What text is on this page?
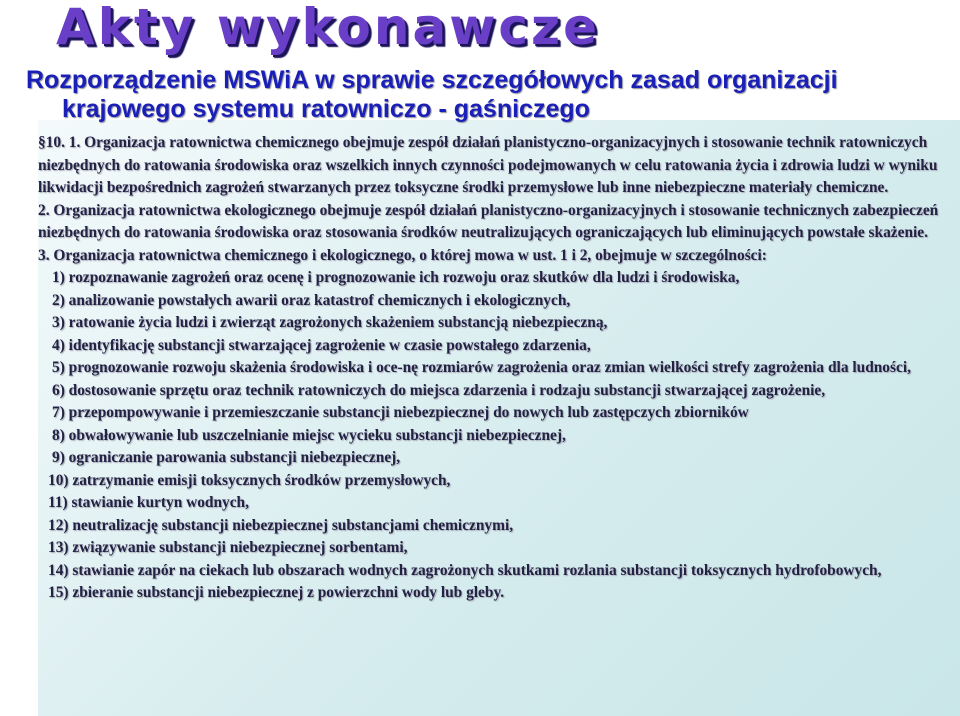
Akty wykonawcze
Rozporządzenie MSWiA w sprawie szczegółowych zasad organizacji
krajowego systemu ratowniczo - gaśniczego

§10. 1. Organizacja ratownictwa chemicznego obejmuje zespół działań planistyczno-organizacyjnych i stosowanie technik ratowniczych niezbędnych do ratowania środowiska oraz wszelkich innych czynności podejmowanych w celu ratowania życia i zdrowia ludzi w wyniku likwidacji bezpośrednich zagrożeń stwarzanych przez toksyczne środki przemysłowe lub inne niebezpieczne materiały chemiczne.

2. Organizacja ratownictwa ekologicznego obejmuje zespół działań planistyczno-organizacyjnych i stosowanie technicznych zabezpieczeń niezbędnych do ratowania środowiska oraz stosowania środków neutralizujących ograniczających lub eliminujących powstałe skażenie.

3. Organizacja ratownictwa chemicznego i ekologicznego, o której mowa w ust. 1 i 2, obejmuje w szczególności:

1) rozpoznawanie zagrożeń oraz ocenę i prognozowanie ich rozwoju oraz skutków dla ludzi i środowiska,
2) analizowanie powstałych awarii oraz katastrof chemicznych i ekologicznych,
3) ratowanie życia ludzi i zwierząt zagrożonych skażeniem substancją niebezpieczną,
4) identyfikację substancji stwarzającej zagrożenie w czasie powstałego zdarzenia,
5) prognozowanie rozwoju skażenia środowiska i oce-nę rozmiarów zagrożenia oraz zmian wielkości strefy zagrożenia dla ludności,
6) dostosowanie sprzętu oraz technik ratowniczych do miejsca zdarzenia i rodzaju substancji stwarzającej zagrożenie,
7) przepompowywanie i przemieszczanie substancji niebezpiecznej do nowych lub zastępczych zbiorników
8) obwałowywanie lub uszczelnianie miejsc wycieku substancji niebezpiecznej,
9) ograniczanie parowania substancji niebezpiecznej,
10) zatrzymanie emisji toksycznych środków przemysłowych,
11) stawianie kurtyn wodnych,
12) neutralizację substancji niebezpiecznej substancjami chemicznymi,
13) związywanie substancji niebezpiecznej sorbentami,
14) stawianie zapór na ciekach lub obszarach wodnych zagrożonych skutkami rozlania substancji toksycznych hydrofobowych,
15) zbieranie substancji niebezpiecznej z powierzchni wody lub gleby.
